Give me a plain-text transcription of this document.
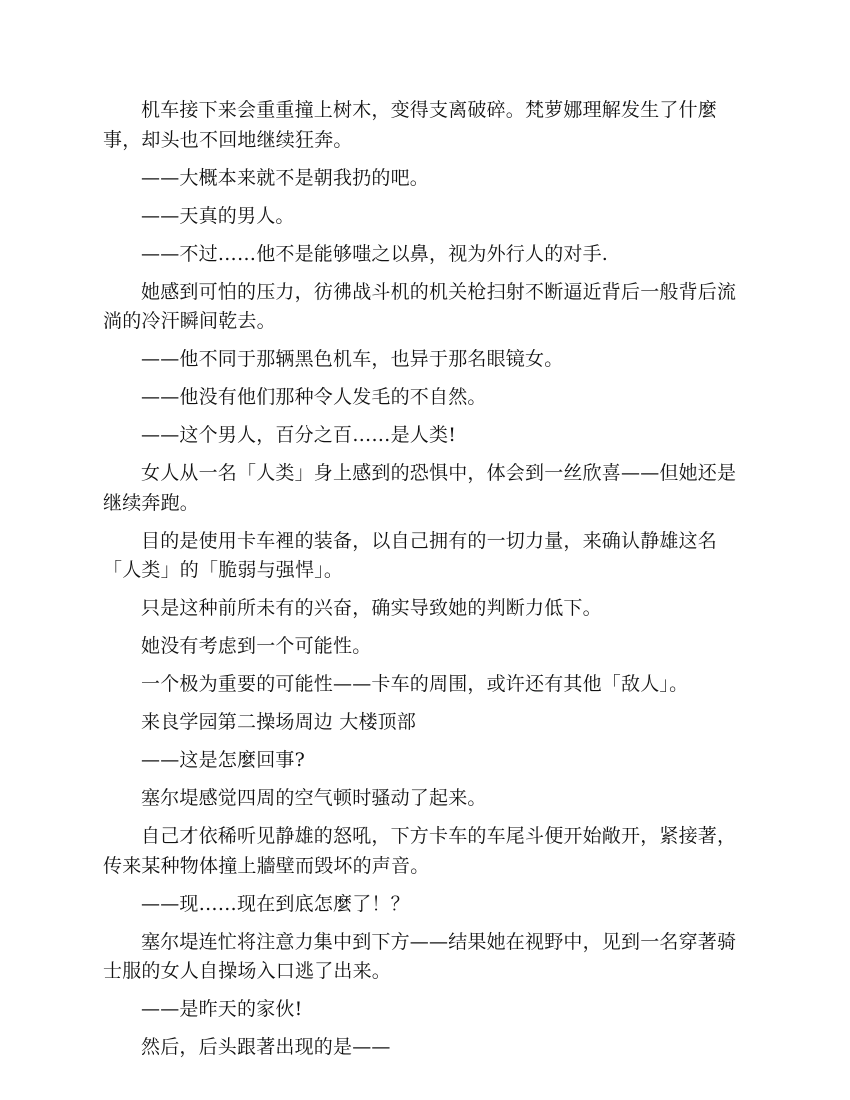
机车接下来会重重撞上树木，变得支离破碎。梵萝娜理解发生了什麼事，却头也不回地继续狂奔。

——大概本来就不是朝我扔的吧。

——天真的男人。

——不过……他不是能够嗤之以鼻，视为外行人的对手.

她感到可怕的压力，彷彿战斗机的机关枪扫射不断逼近背后一般背后流淌的冷汗瞬间乾去。

——他不同于那辆黑色机车，也异于那名眼镜女。

——他没有他们那种令人发毛的不自然。

——这个男人，百分之百……是人类!

女人从一名「人类」身上感到的恐惧中，体会到一丝欣喜——但她还是继续奔跑。

目的是使用卡车裡的装备，以自己拥有的一切力量，来确认静雄这名「人类」的「脆弱与强悍」。

只是这种前所未有的兴奋，确实导致她的判断力低下。

她没有考虑到一个可能性。

一个极为重要的可能性——卡车的周围，或许还有其他「敌人」。

来良学园第二操场周边 大楼顶部

——这是怎麼回事?

塞尔堤感觉四周的空气顿时骚动了起来。

自己才依稀听见静雄的怒吼，下方卡车的车尾斗便开始敞开，紧接著，传来某种物体撞上牆壁而毁坏的声音。

——现……现在到底怎麼了！？

塞尔堤连忙将注意力集中到下方——结果她在视野中，见到一名穿著骑士服的女人自操场入口逃了出来。

——是昨天的家伙!

然后，后头跟著出现的是——
